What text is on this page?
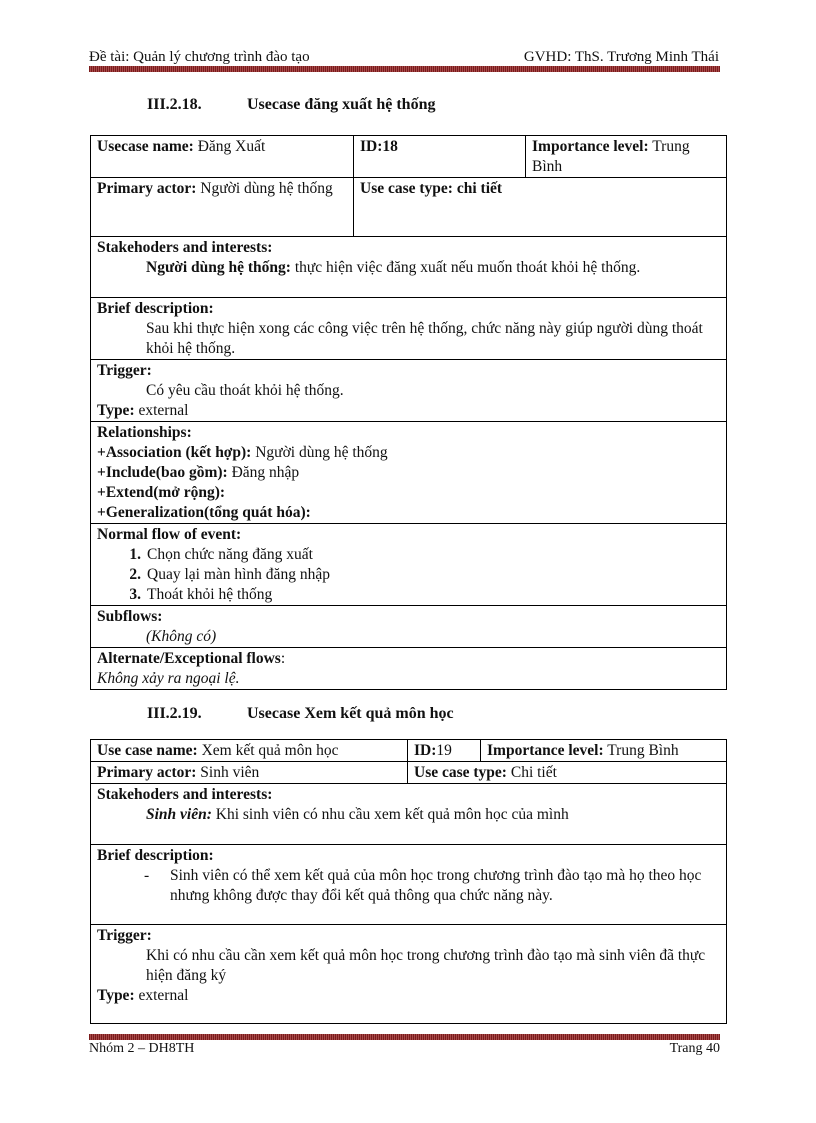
Đề tài: Quản lý chương trình đào tạo	GVHD: ThS. Trương Minh Thái
III.2.18.	Usecase đăng xuất hệ thống
Usecase name: Đăng Xuất	ID:18	Importance level: Trung Bình
Primary actor: Người dùng hệ thống	Use case type: chi tiết	

Stakehoders and interests:
Người dùng hệ thống: thực hiện việc đăng xuất nếu muốn thoát khỏi hệ thống.		

Brief description:
Sau khi thực hiện xong các công việc trên hệ thống, chức năng này giúp người dùng thoát khỏi hệ thống.		

Trigger:
Có yêu cầu thoát khỏi hệ thống.
Type: external		

Relationships:
+Association (kết hợp): Người dùng hệ thống
+Include(bao gồm): Đăng nhập
+Extend(mở rộng):
+Generalization(tổng quát hóa):		

Normal flow of event:
1. Chọn chức năng đăng xuất
2. Quay lại màn hình đăng nhập
3. Thoát khỏi hệ thống		

Subflows:
(Không có)		

Alternate/Exceptional flows:
Không xảy ra ngoại lệ.		
III.2.19.	Usecase Xem kết quả môn học
Use case name: Xem kết quả môn học	ID:19	Importance level: Trung Bình
Primary actor: Sinh viên	Use case type: Chi tiết	

Stakehoders and interests:
Sinh viên: Khi sinh viên có nhu cầu xem kết quả môn học của mình		

Brief description:
- Sinh viên có thể xem kết quả của môn học trong chương trình đào tạo mà họ theo học nhưng không được thay đổi kết quả thông qua chức năng này.		

Trigger:
Khi có nhu cầu cần xem kết quả môn học trong chương trình đào tạo mà sinh viên đã thực hiện đăng ký
Type: external		
Nhóm 2 – DH8TH	Trang 40
